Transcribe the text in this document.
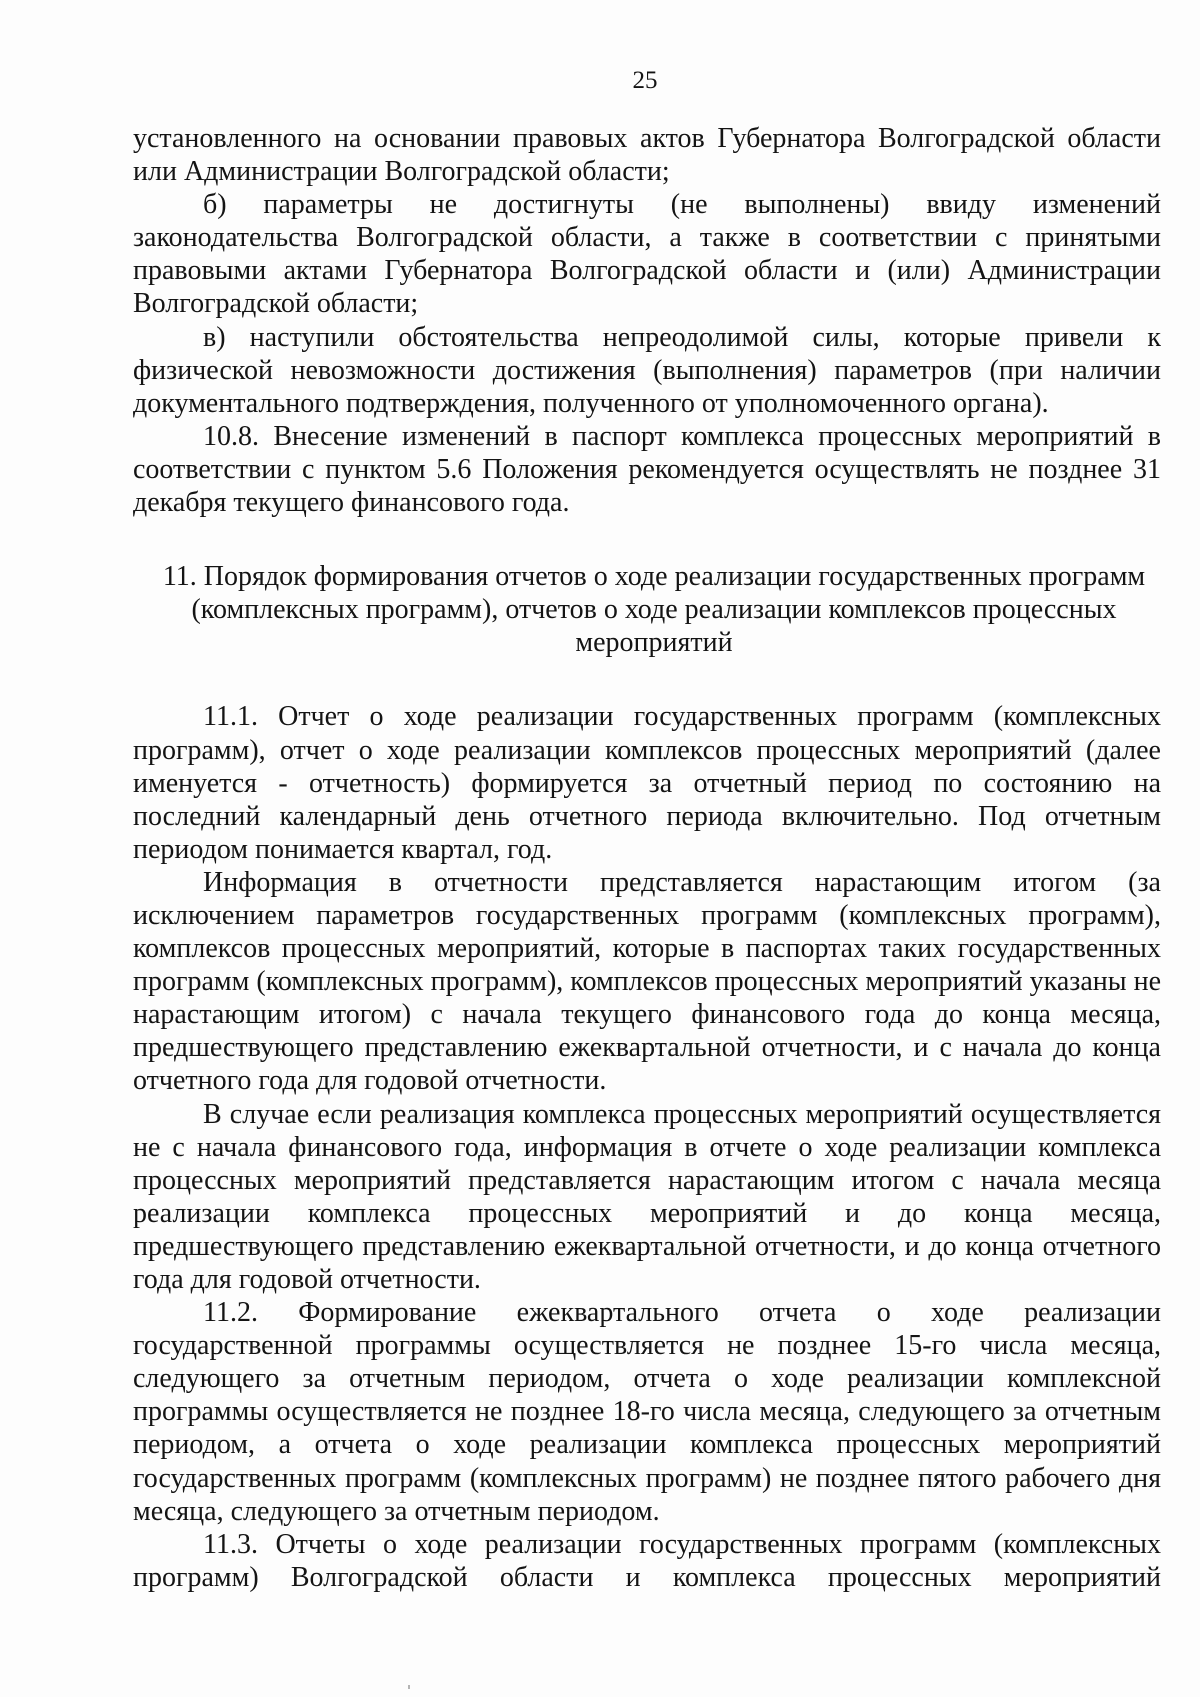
25

установленного на основании правовых актов Губернатора Волгоградской области или Администрации Волгоградской области;

б) параметры не достигнуты (не выполнены) ввиду изменений законодательства Волгоградской области, а также в соответствии с принятыми правовыми актами Губернатора Волгоградской области и (или) Администрации Волгоградской области;

в) наступили обстоятельства непреодолимой силы, которые привели к физической невозможности достижения (выполнения) параметров (при наличии документального подтверждения, полученного от уполномоченного органа).

10.8. Внесение изменений в паспорт комплекса процессных мероприятий в соответствии с пунктом 5.6 Положения рекомендуется осуществлять не позднее 31 декабря текущего финансового года.

11. Порядок формирования отчетов о ходе реализации государственных программ
(комплексных программ), отчетов о ходе реализации комплексов процессных
мероприятий

11.1. Отчет о ходе реализации государственных программ (комплексных программ), отчет о ходе реализации комплексов процессных мероприятий (далее именуется - отчетность) формируется за отчетный период по состоянию на последний календарный день отчетного периода включительно. Под отчетным периодом понимается квартал, год.

Информация в отчетности представляется нарастающим итогом (за исключением параметров государственных программ (комплексных программ), комплексов процессных мероприятий, которые в паспортах таких государственных программ (комплексных программ), комплексов процессных мероприятий указаны не нарастающим итогом) с начала текущего финансового года до конца месяца, предшествующего представлению ежеквартальной отчетности, и с начала до конца отчетного года для годовой отчетности.

В случае если реализация комплекса процессных мероприятий осуществляется не с начала финансового года, информация в отчете о ходе реализации комплекса процессных мероприятий представляется нарастающим итогом с начала месяца реализации комплекса процессных мероприятий и до конца месяца, предшествующего представлению ежеквартальной отчетности, и до конца отчетного года для годовой отчетности.

11.2. Формирование ежеквартального отчета о ходе реализации государственной программы осуществляется не позднее 15-го числа месяца, следующего за отчетным периодом, отчета о ходе реализации комплексной программы осуществляется не позднее 18-го числа месяца, следующего за отчетным периодом, а отчета о ходе реализации комплекса процессных мероприятий государственных программ (комплексных программ) не позднее пятого рабочего дня месяца, следующего за отчетным периодом.

11.3. Отчеты о ходе реализации государственных программ (комплексных программ) Волгоградской области и комплекса процессных мероприятий
